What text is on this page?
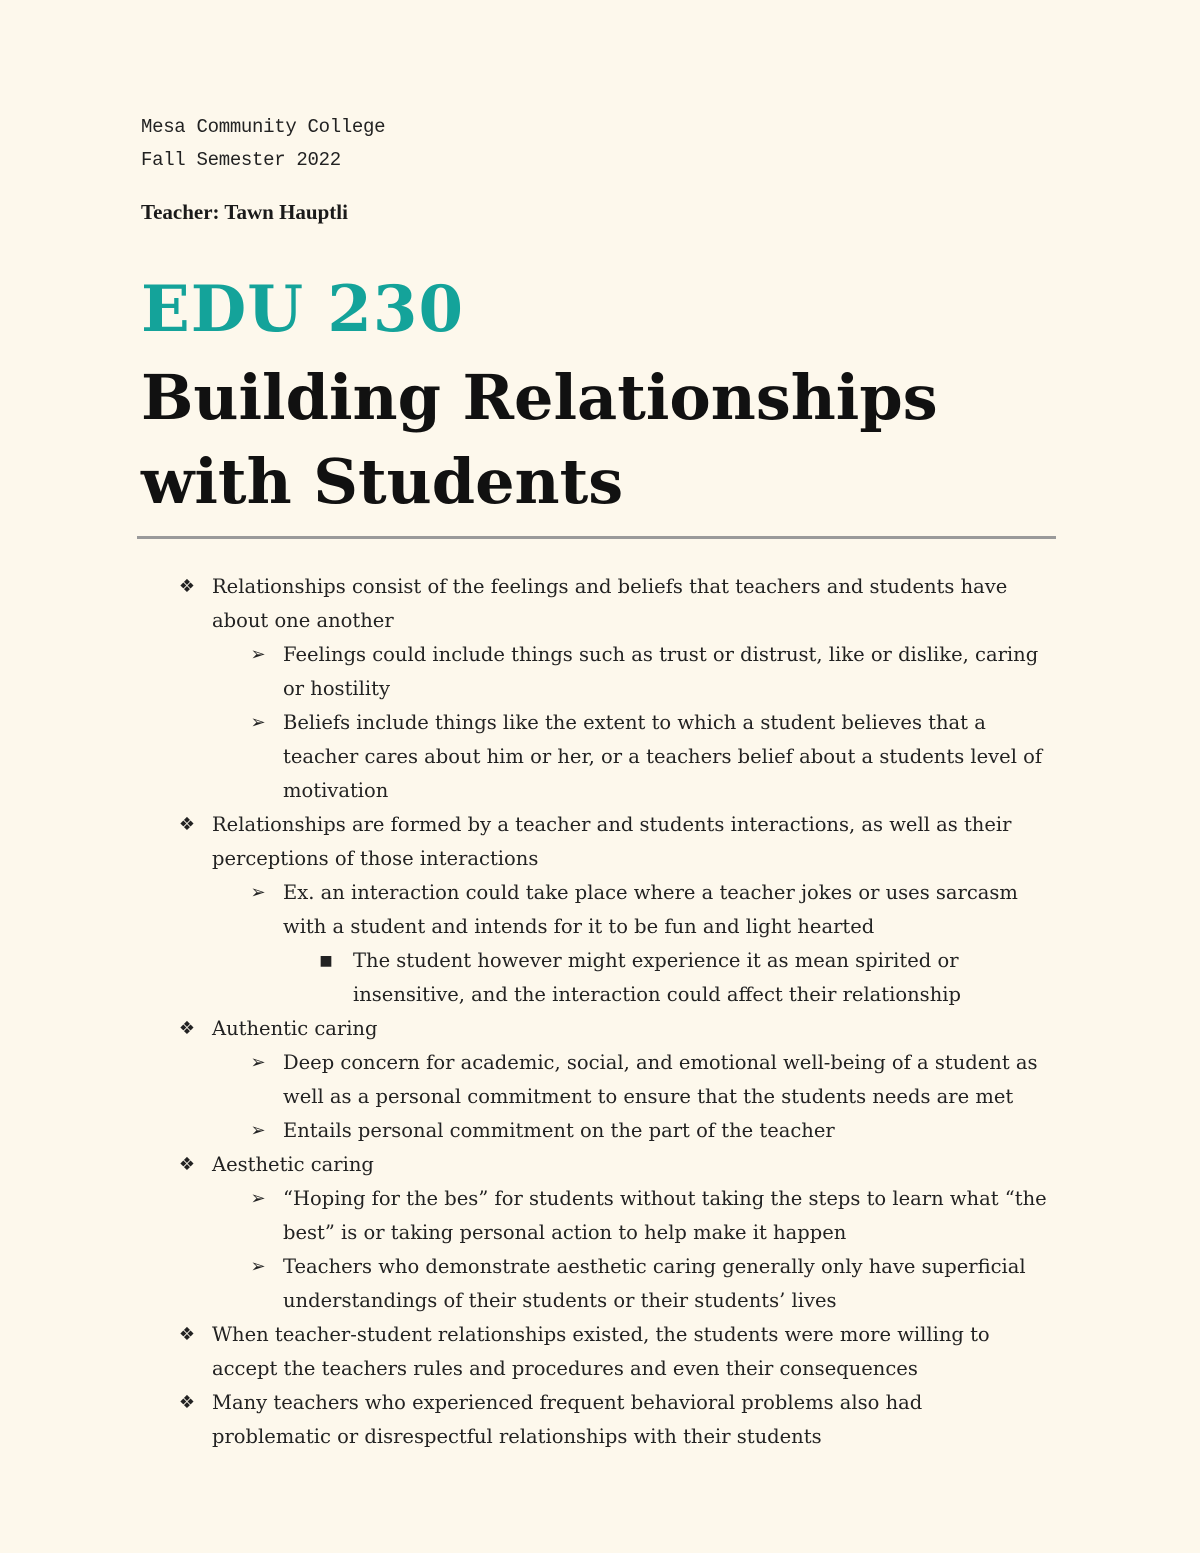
Mesa Community College
Fall Semester 2022
Teacher: Tawn Hauptli
EDU 230
Building Relationships with Students
❖ Relationships consist of the feelings and beliefs that teachers and students have about one another
➢ Feelings could include things such as trust or distrust, like or dislike, caring or hostility
➢ Beliefs include things like the extent to which a student believes that a teacher cares about him or her, or a teachers belief about a students level of motivation
❖ Relationships are formed by a teacher and students interactions, as well as their perceptions of those interactions
➢ Ex. an interaction could take place where a teacher jokes or uses sarcasm with a student and intends for it to be fun and light hearted
■ The student however might experience it as mean spirited or insensitive, and the interaction could affect their relationship
❖ Authentic caring
➢ Deep concern for academic, social, and emotional well-being of a student as well as a personal commitment to ensure that the students needs are met
➢ Entails personal commitment on the part of the teacher
❖ Aesthetic caring
➢ “Hoping for the bes” for students without taking the steps to learn what “the best” is or taking personal action to help make it happen
➢ Teachers who demonstrate aesthetic caring generally only have superficial understandings of their students or their students’ lives
❖ When teacher-student relationships existed, the students were more willing to accept the teachers rules and procedures and even their consequences
❖ Many teachers who experienced frequent behavioral problems also had problematic or disrespectful relationships with their students
